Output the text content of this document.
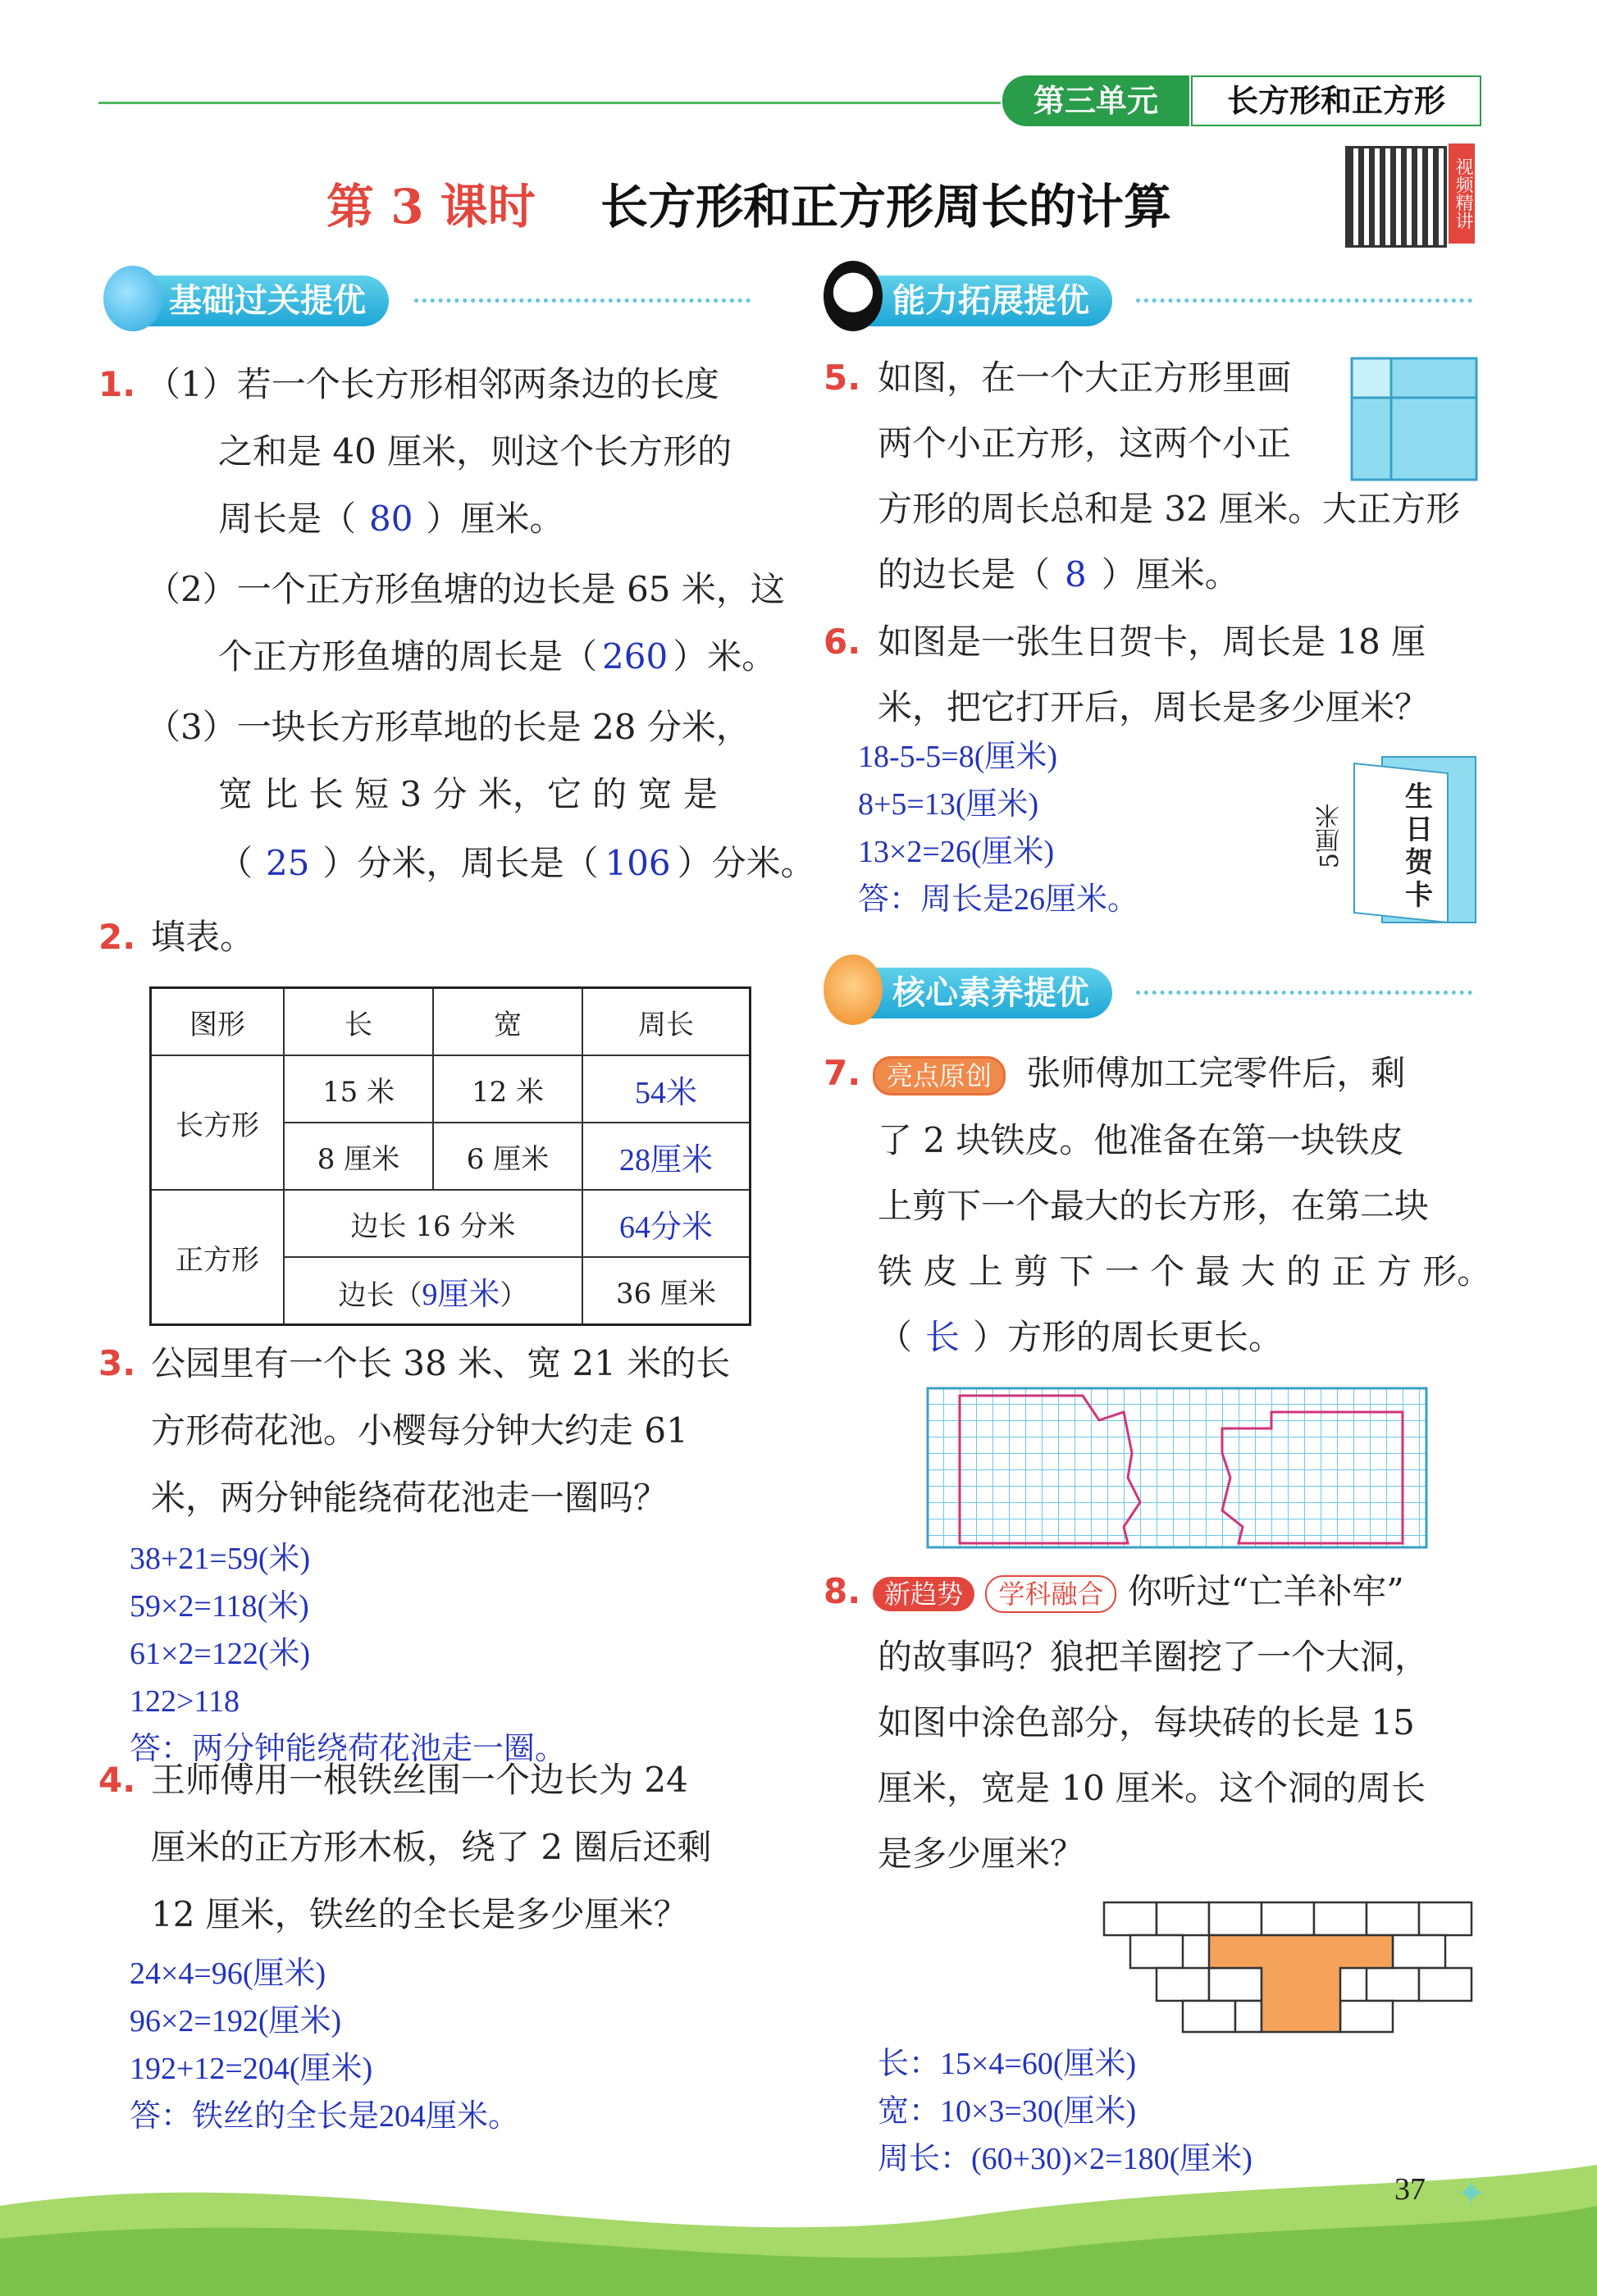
第三单元	长方形和正方形
视频精讲
第 3 课时 长方形和正方形周长的计算
基础过关提优	能力拓展提优
核心素养提优
1. （1）若一个长方形相邻两条边的长度
之和是 40 厘米，则这个长方形的
周长是（ 80 ）厘米。
（2）一个正方形鱼塘的边长是 65 米，这
个正方形鱼塘的周长是（ 260 ）米。
（3）一块长方形草地的长是 28 分米，
宽 比 长 短 3 分 米，它 的 宽 是
（ 25 ）分米，周长是（ 106 ）分米。
2. 填表。
图形	长	宽	周长
长方形	15 米	12 米	54米
	8 厘米	6 厘米	28厘米
正方形	边长 16 分米		64分米
	边长（9厘米）		36 厘米
3. 公园里有一个长 38 米、宽 21 米的长
方形荷花池。小樱每分钟大约走 61
米，两分钟能绕荷花池走一圈吗？
38+21=59(米)
59×2=118(米)
61×2=122(米)
122>118
答：两分钟能绕荷花池走一圈。
4. 王师傅用一根铁丝围一个边长为 24
厘米的正方形木板，绕了 2 圈后还剩
12 厘米，铁丝的全长是多少厘米？
24×4=96(厘米)
96×2=192(厘米)
192+12=204(厘米)
答：铁丝的全长是204厘米。
5. 如图，在一个大正方形里画
两个小正方形，这两个小正
方形的周长总和是 32 厘米。大正方形
的边长是（ 8 ）厘米。
6. 如图是一张生日贺卡，周长是 18 厘
米，把它打开后，周长是多少厘米？
18-5-5=8(厘米)
8+5=13(厘米)
13×2=26(厘米)
答：周长是26厘米。
生
日
贺
卡
5厘米
7. 亮点原创 张师傅加工完零件后，剩
了 2 块铁皮。他准备在第一块铁皮
上剪下一个最大的长方形，在第二块
铁 皮 上 剪 下 一 个 最 大 的 正 方 形。
（ 长 ）方形的周长更长。
8. 新趋势 学科融合 你听过“亡羊补牢”
的故事吗？狼把羊圈挖了一个大洞，
如图中涂色部分，每块砖的长是 15
厘米，宽是 10 厘米。这个洞的周长
是多少厘米？
长：15×4=60(厘米)
宽：10×3=30(厘米)
周长：(60+30)×2=180(厘米)
37 ✦
